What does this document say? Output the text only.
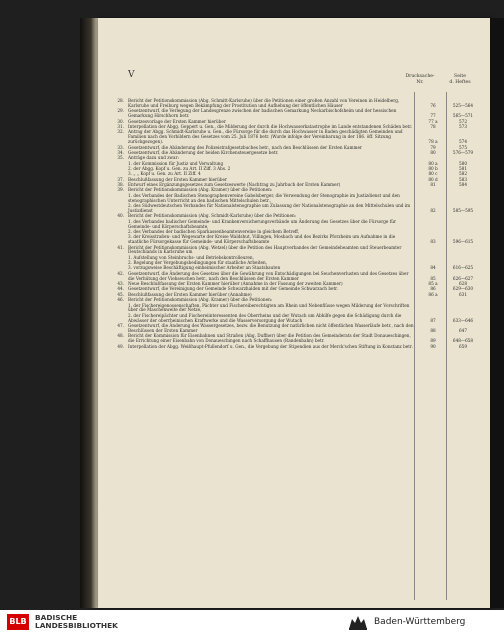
V	Drucksache-
Nr.
Seite
d. Heftes
28. Bericht der Petitionskommission (Abg. Schmitt-Karlsruhe) über die Petitionen einer großen Anzahl von Vereinen in Heidelberg, Karlsruhe und Freiburg wegen Bekämpfung der Prostitution und Aufhebung der öffentlichen Häuser	76	525—564
29. Gesetzentwurf, die Verlegung der Landesgrenze zwischen der badischen Gemarkung Neckarbischofsheim und der hessischen Gemarkung Hirschhorn betr.	77	565—571
30. Gesetzesvorlage der Ersten Kammer hierüber	77 a	572
31. Interpellation der Abgg. Geppert u. Gen., die Milderung der durch die Hochwasserkatastrophe im Lande entstandenen Schäden betr.	78	573
32. Antrag der Abgg. Schmidt-Karlsruhe u. Gen., die Fürsorge für die durch das Hochwasser in Baden geschädigten Gemeinden und Familien nach den Vorbildern des Gesetzes vom 25. Juli 1876 betr. (Wurde infolge der Vereinbarung in der 186. öff. Sitzung zurückgezogen).	78 a	574
33. Gesetzentwurf, die Abänderung des Polizeistrafgesetzbuches betr., nach den Beschlüssen der Ersten Kammer	79	575
34. Gesetzentwurf, die Abänderung der beiden Kirchensteuergesetze betr.	80	576—579
35. Anträge dazu und zwar:
1. der Kommission für Justiz und Verwaltung	80 a	580
2. der Abgg. Kopf u. Gen. zu Art. II Ziff. 3 Abs. 2	80 b	581
3. „ „ Kopf u. Gen. zu Art. II Ziff. 4	80 c	582
37. Beschlußfassung der Ersten Kammer hierüber	80 d	583
38. Entwurf eines Ergänzungsgesetzes zum Gesetzeswerte (Nachtrag zu Jahrbuch der Ersten Kammer)	81	584
39. Bericht der Petitionskommission (Abg. Kramer) über die Petitionen:
1. des Verbandes der Badischen Stenographenvereine Gabelsberger, die Verwendung der Stenographie im Justizdienst und den stenographischen Unterricht an den badischen Mittelschulen betr.,
2. des Südwestdeutschen Verbandes für Nationalstenographie um Zulassung der Nationalstenographie an den Mittelschulen und im Justizdienst	82	585—595
40. Bericht der Petitionskommission (Abg. Schmidt-Karlsruhe) über die Petitionen:
1. des Verbandes badischer Gemeinde- und Krankenversicherungsverbände um Änderung des Gesetzes über die Fürsorge für Gemeinde- und Körperschaftsbeamte,
2. des Verbandes der badischen Sparkassenbeamtenvereine in gleichem Betreff,
3. der Kreisstraßen- und Wegewarte der Kreise Waldshut, Villingen, Mosbach und des Bezirks Pforzheim um Aufnahme in die staatliche Fürsorgekasse für Gemeinde- und Körperschaftsbeamte	83	596—615
41. Bericht der Petitionskommission (Abg. Wetzel) über die Petition des Hauptverbandes der Gemeindebeamten und Steuerbeamter Deutschlands in Karlsruhe um
1. Aufstellung von Steinbruchs- und Betriebskontrolleuren,
2. Regelung der Vergebungsbedingungen für staatliche Arbeiten,
3. vorzugsweise Beschäftigung einheimischer Arbeiter an Staatsbauten	84	616—625
42. Gesetzentwurf, die Änderung des Gesetzes über die Gewährung von Entschädigungen bei Seuchenverlusten und des Gesetzes über die Verhütung der Viehseuchen betr., nach den Beschlüssen der Ersten Kammer	85	626—627
43. Neue Beschlußfassung der Ersten Kammer hierüber (Annahme in der Fassung der zweiten Kammer)	85 a	628
44. Gesetzentwurf, die Vereinigung der Gemeinde Schwarzhalden mit der Gemeinde Schwarzach betr.	86	629—630
45. Beschlußfassung der Ersten Kammer hierüber (Annahme)	86 a	631
46. Bericht der Petitionskommission (Abg. Kramer) über die Petitionen:
1. der Fischereigenossenschaften, Pächter und Fischereiberechtigten am Rhein und Nebenflüsse wegen Milderung der Vorschriften über die Maschenweite der Netze,
2. der Fischereipächter und Fischereiinteressenten des Oberrheins und der Wutach um Abhilfe gegen die Schädigung durch die Abwässer der oberrheinischen Kraftwerke und die Wasserversorgung der Wutach	87	633—646
47. Gesetzentwurf, die Änderung des Wassergesetzes, bezw. die Benutzung der natürlichen nicht öffentlichen Wasserläufe betr., nach den Beschlüssen der Ersten Kammer	88	647
48. Bericht der Kommission für Eisenbahnen und Straßen (Abg. Duffner) über die Petition des Gemeinderats der Stadt Donaueschingen, die Errichtung einer Eisenbahn von Donaueschingen nach Schaffhausen (Randenbahn) betr.	89	648—658
49. Interpellation der Abgg. Weißhaupt-Pfullendorf u. Gen., die Vergebung der Stipendien aus der Merck'schen Stiftung in Konstanz betr.	90	659
BLB	BADISCHE
LANDESBIBLIOTHEK	Baden-Württemberg
